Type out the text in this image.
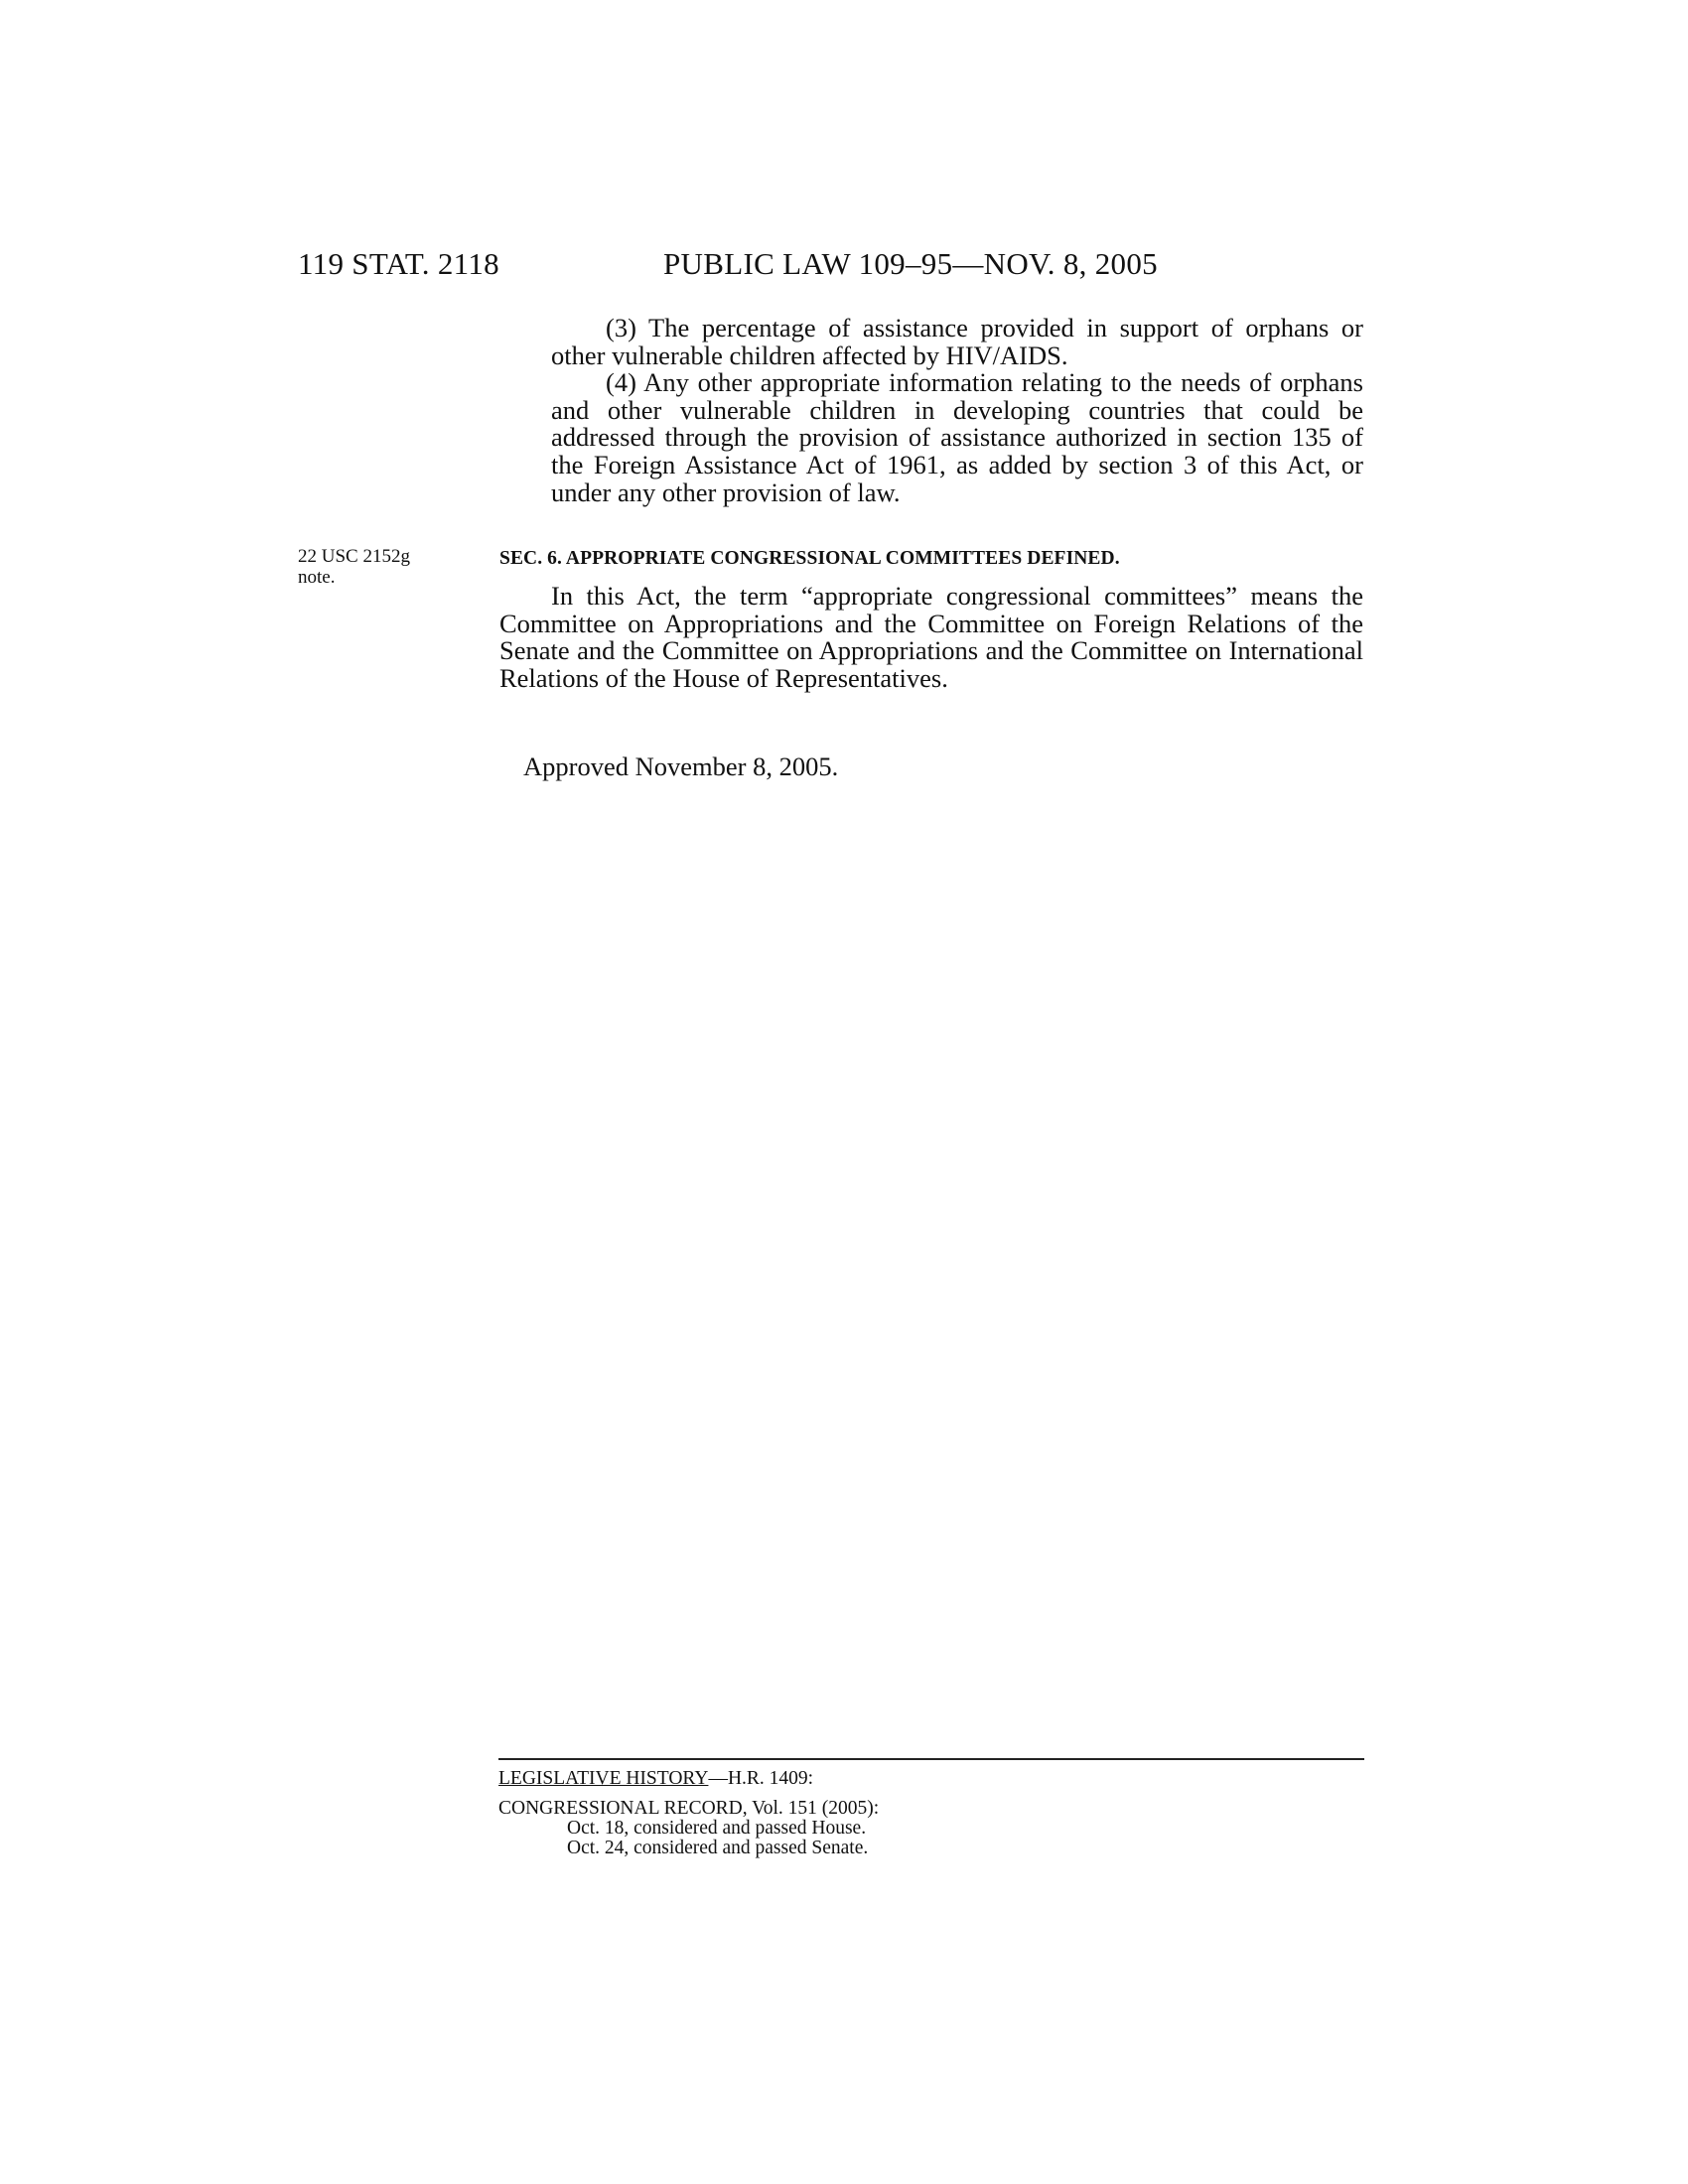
119 STAT. 2118	PUBLIC LAW 109–95—NOV. 8, 2005

(3) The percentage of assistance provided in support of orphans or other vulnerable children affected by HIV/AIDS.

(4) Any other appropriate information relating to the needs of orphans and other vulnerable children in developing countries that could be addressed through the provision of assistance authorized in section 135 of the Foreign Assistance Act of 1961, as added by section 3 of this Act, or under any other provision of law.

22 USC 2152g
note.
SEC. 6. APPROPRIATE CONGRESSIONAL COMMITTEES DEFINED.

In this Act, the term “appropriate congressional committees” means the Committee on Appropriations and the Committee on Foreign Relations of the Senate and the Committee on Appropriations and the Committee on International Relations of the House of Representatives.

Approved November 8, 2005.
LEGISLATIVE HISTORY—H.R. 1409:
CONGRESSIONAL RECORD, Vol. 151 (2005):
Oct. 18, considered and passed House.
Oct. 24, considered and passed Senate.
